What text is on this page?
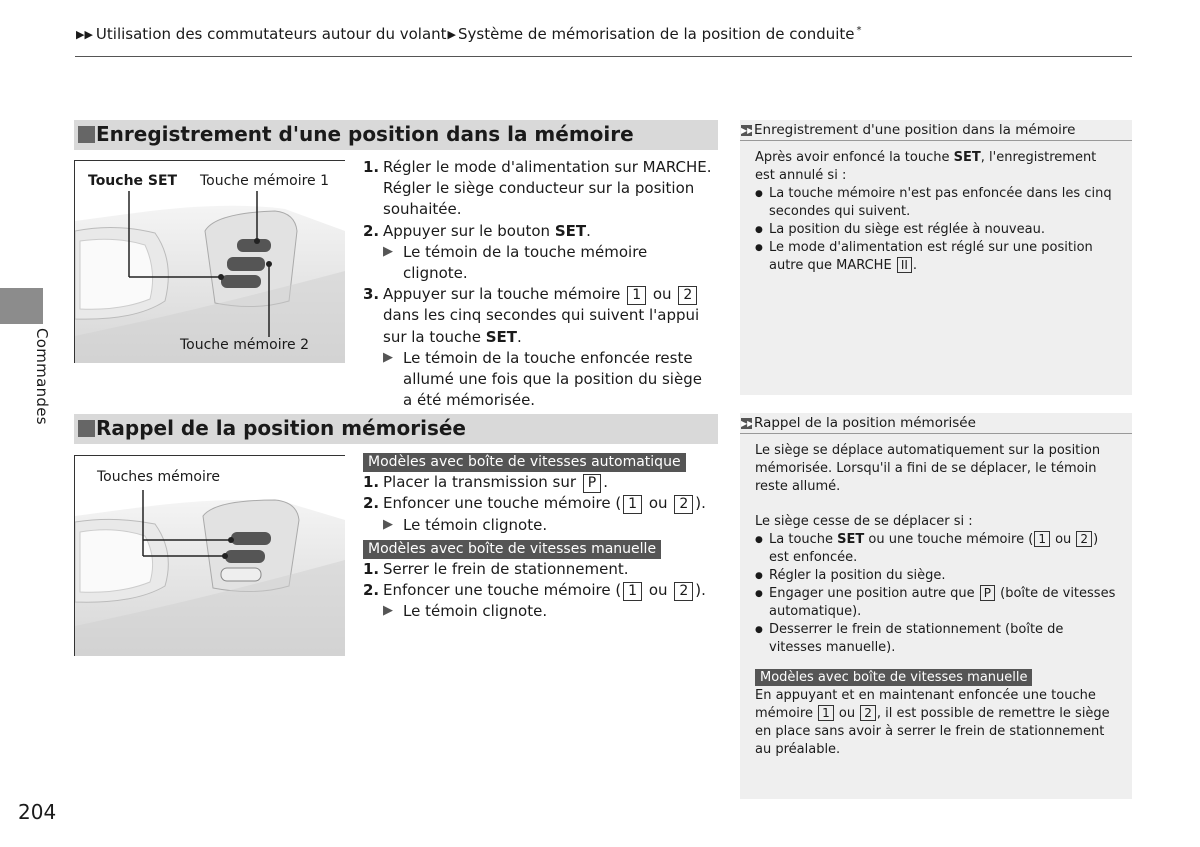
▶▶ Utilisation des commutateurs autour du volant▶ Système de mémorisation de la position de conduite *
Commandes
204
Enregistrement d'une position dans la mémoire
Touche SET Touche mémoire 1
Touche mémoire 2
1. Régler le mode d'alimentation sur MARCHE. Régler le siège conducteur sur la position souhaitée.
2. Appuyer sur le bouton SET.
▶ Le témoin de la touche mémoire clignote.
3. Appuyer sur la touche mémoire 1 ou 2 dans les cinq secondes qui suivent l'appui sur la touche SET.
▶ Le témoin de la touche enfoncée reste allumé une fois que la position du siège a été mémorisée.
▶▶Enregistrement d'une position dans la mémoire
Après avoir enfoncé la touche SET, l'enregistrement est annulé si :
● La touche mémoire n'est pas enfoncée dans les cinq secondes qui suivent.
● La position du siège est réglée à nouveau.
● Le mode d'alimentation est réglé sur une position autre que MARCHE II .
Rappel de la position mémorisée
Touches mémoire
Modèles avec boîte de vitesses automatique
1. Placer la transmission sur P .
2. Enfoncer une touche mémoire ( 1 ou 2 ).
▶ Le témoin clignote.
Modèles avec boîte de vitesses manuelle
1. Serrer le frein de stationnement.
2. Enfoncer une touche mémoire ( 1 ou 2 ).
▶ Le témoin clignote.
▶▶Rappel de la position mémorisée
Le siège se déplace automatiquement sur la position mémorisée. Lorsqu'il a fini de se déplacer, le témoin reste allumé.
Le siège cesse de se déplacer si :
● La touche SET ou une touche mémoire ( 1 ou 2 ) est enfoncée.
● Régler la position du siège.
● Engager une position autre que P (boîte de vitesses automatique).
● Desserrer le frein de stationnement (boîte de vitesses manuelle).
Modèles avec boîte de vitesses manuelle
En appuyant et en maintenant enfoncée une touche mémoire 1 ou 2 , il est possible de remettre le siège en place sans avoir à serrer le frein de stationnement au préalable.
